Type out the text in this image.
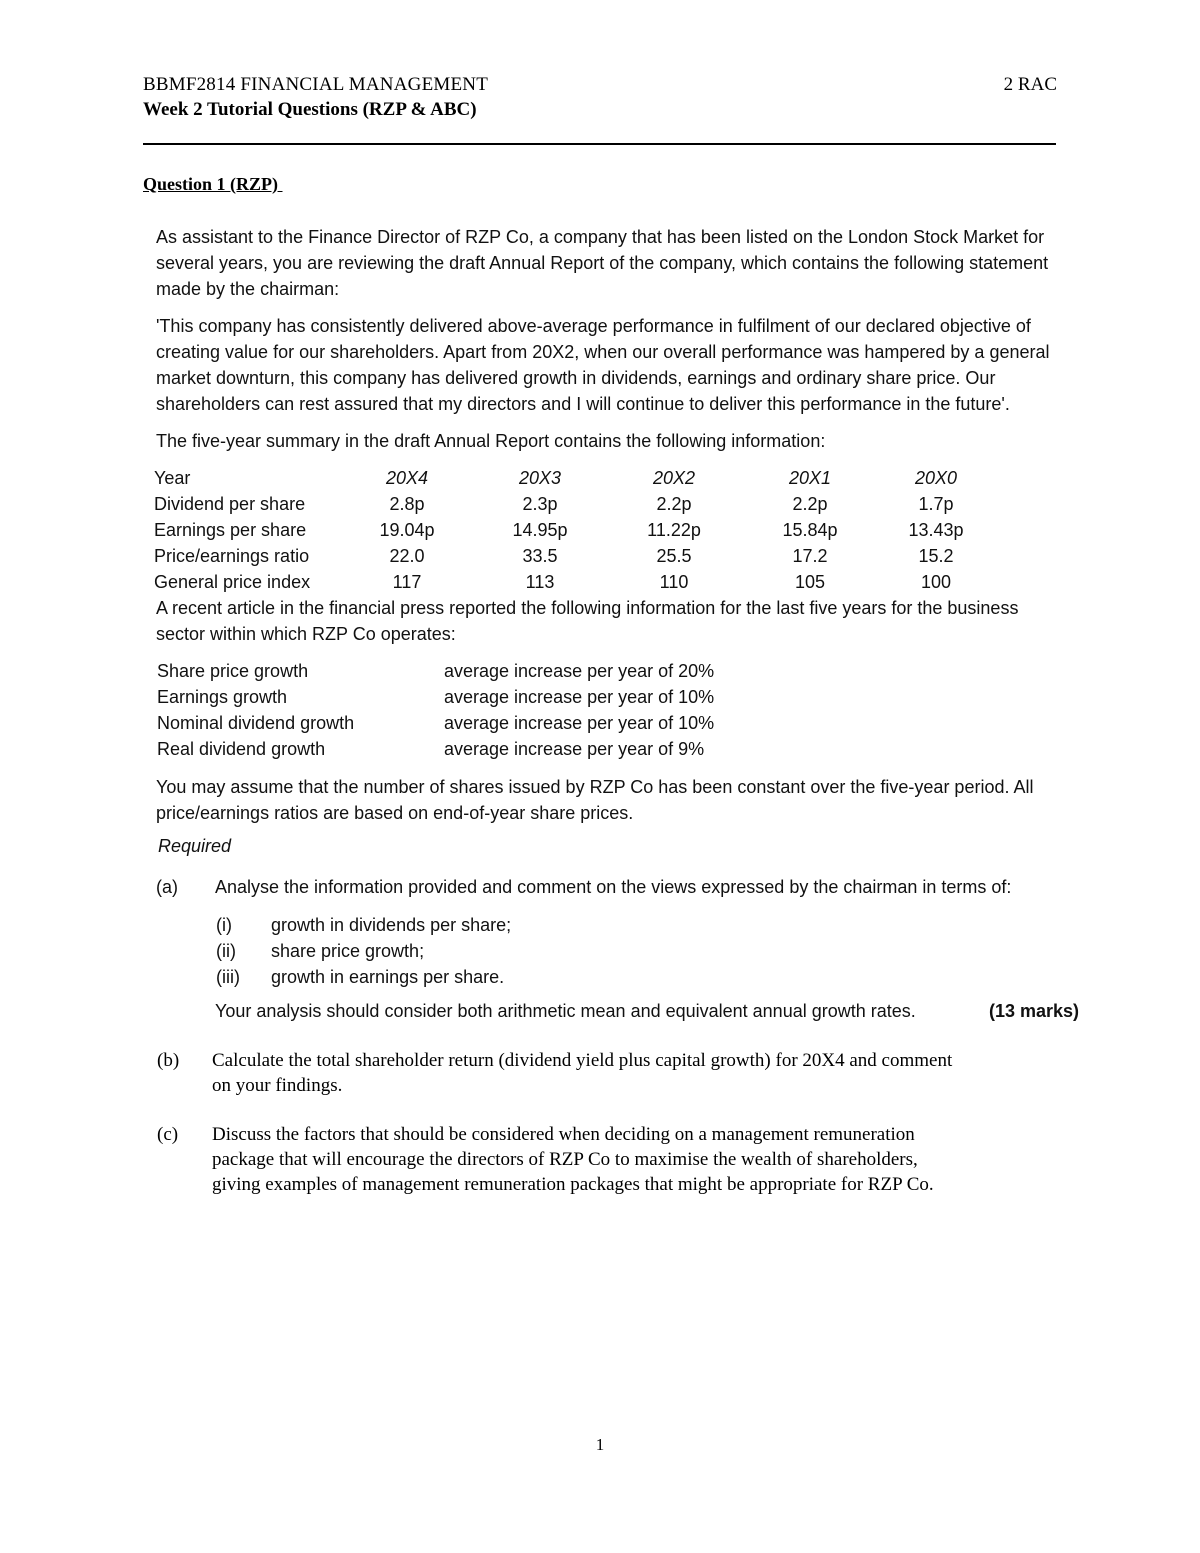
BBMF2814 FINANCIAL MANAGEMENT
Week 2 Tutorial Questions (RZP & ABC)
2 RAC
Question 1 (RZP)

As assistant to the Finance Director of RZP Co, a company that has been listed on the London Stock Market for

several years, you are reviewing the draft Annual Report of the company, which contains the following statement

made by the chairman:

'This company has consistently delivered above-average performance in fulfilment of our declared objective of

creating value for our shareholders. Apart from 20X2, when our overall performance was hampered by a general

market downturn, this company has delivered growth in dividends, earnings and ordinary share price. Our

shareholders can rest assured that my directors and I will continue to deliver this performance in the future'.

The five-year summary in the draft Annual Report contains the following information:

Year	20X4	20X3	20X2	20X1	20X0
Dividend per share	2.8p	2.3p	2.2p	2.2p	1.7p
Earnings per share	19.04p	14.95p	11.22p	15.84p	13.43p
Price/earnings ratio	22.0	33.5	25.5	17.2	15.2
General price index	117	113	110	105	100

A recent article in the financial press reported the following information for the last five years for the business

sector within which RZP Co operates:

Share price growth	average increase per year of 20%
Earnings growth	average increase per year of 10%
Nominal dividend growth	average increase per year of 10%
Real dividend growth	average increase per year of 9%

You may assume that the number of shares issued by RZP Co has been constant over the five-year period. All

price/earnings ratios are based on end-of-year share prices.

Required
(a) Analyse the information provided and comment on the views expressed by the chairman in terms of:
(i) growth in dividends per share;
(ii) share price growth;
(iii) growth in earnings per share.
Your analysis should consider both arithmetic mean and equivalent annual growth rates.	(13 marks)
(b) Calculate the total shareholder return (dividend yield plus capital growth) for 20X4 and comment
on your findings.
(c) Discuss the factors that should be considered when deciding on a management remuneration
package that will encourage the directors of RZP Co to maximise the wealth of shareholders,
giving examples of management remuneration packages that might be appropriate for RZP Co.
1
